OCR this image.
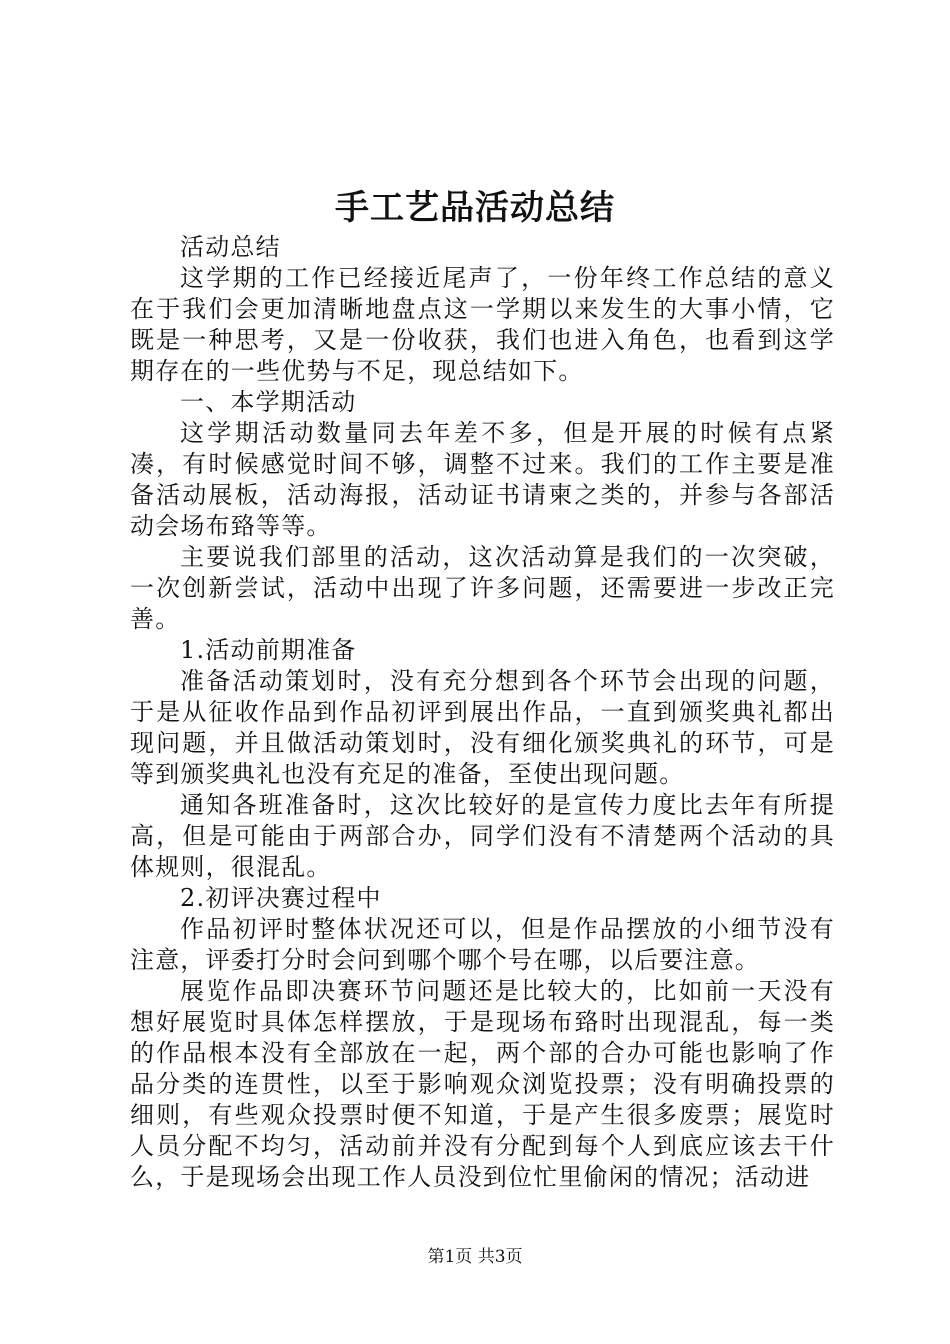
手工艺品活动总结

活动总结

这学期的工作已经接近尾声了，一份年终工作总结的意义在于我们会更加清晰地盘点这一学期以来发生的大事小情，它既是一种思考，又是一份收获，我们也进入角色，也看到这学期存在的一些优势与不足，现总结如下。

一、本学期活动

这学期活动数量同去年差不多，但是开展的时候有点紧凑，有时候感觉时间不够，调整不过来。我们的工作主要是准备活动展板，活动海报，活动证书请柬之类的，并参与各部活动会场布臵等等。

主要说我们部里的活动，这次活动算是我们的一次突破，一次创新尝试，活动中出现了许多问题，还需要进一步改正完善。

1.活动前期准备

准备活动策划时，没有充分想到各个环节会出现的问题，于是从征收作品到作品初评到展出作品，一直到颁奖典礼都出现问题，并且做活动策划时，没有细化颁奖典礼的环节，可是等到颁奖典礼也没有充足的准备，至使出现问题。

通知各班准备时，这次比较好的是宣传力度比去年有所提高，但是可能由于两部合办，同学们没有不清楚两个活动的具体规则，很混乱。

2.初评决赛过程中

作品初评时整体状况还可以，但是作品摆放的小细节没有注意，评委打分时会问到哪个哪个号在哪，以后要注意。

展览作品即决赛环节问题还是比较大的，比如前一天没有想好展览时具体怎样摆放，于是现场布臵时出现混乱，每一类的作品根本没有全部放在一起，两个部的合办可能也影响了作品分类的连贯性，以至于影响观众浏览投票；没有明确投票的细则，有些观众投票时便不知道，于是产生很多废票；展览时人员分配不均匀，活动前并没有分配到每个人到底应该去干什么，于是现场会出现工作人员没到位忙里偷闲的情况；活动进

第1页 共3页
